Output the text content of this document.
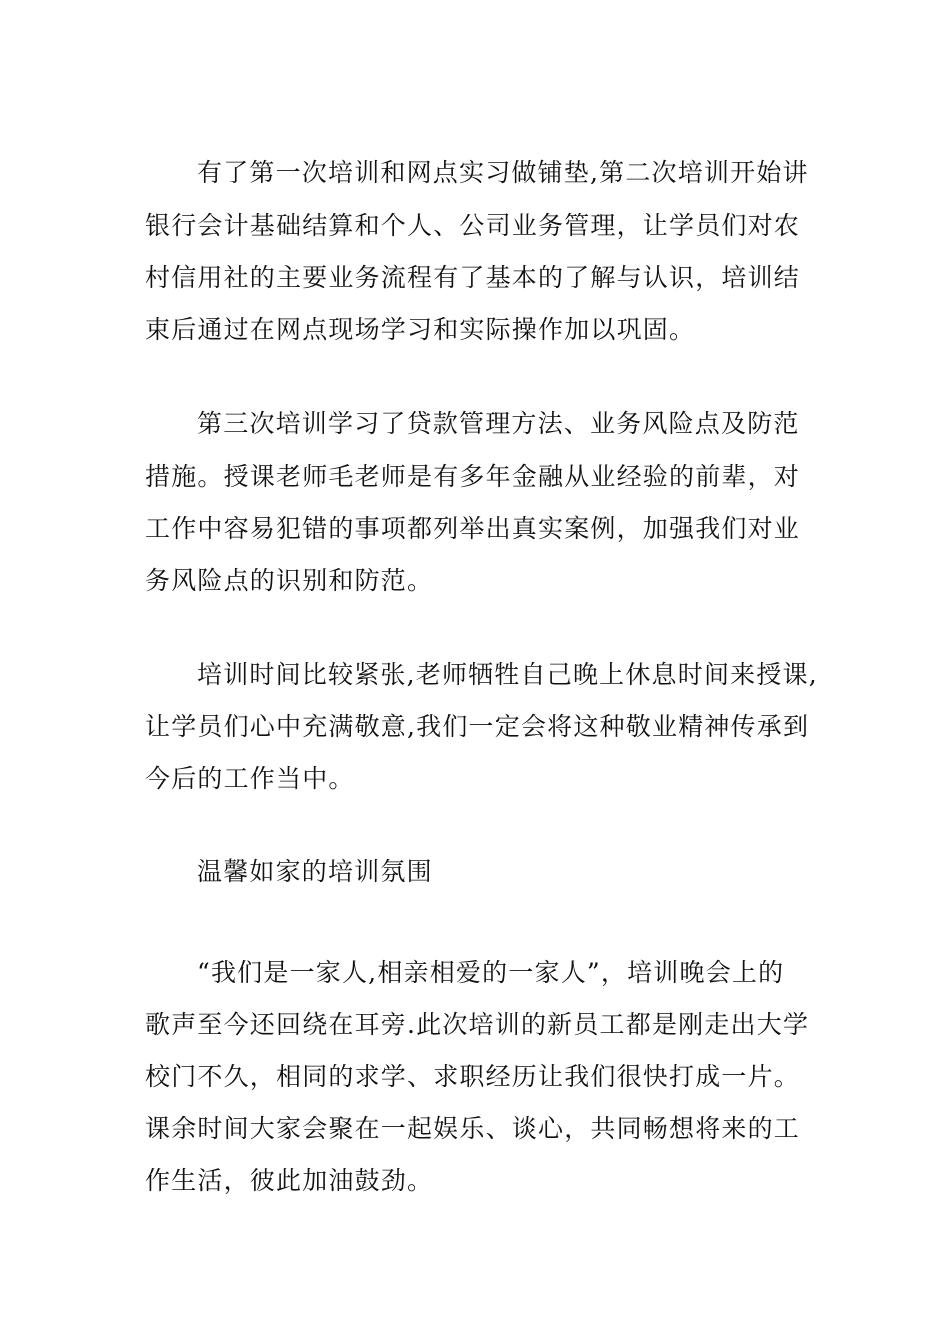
有了第一次培训和网点实习做铺垫,第二次培训开始讲
银行会计基础结算和个人、公司业务管理，让学员们对农
村信用社的主要业务流程有了基本的了解与认识，培训结
束后通过在网点现场学习和实际操作加以巩固。
第三次培训学习了贷款管理方法、业务风险点及防范
措施。授课老师毛老师是有多年金融从业经验的前辈，对
工作中容易犯错的事项都列举出真实案例，加强我们对业
务风险点的识别和防范。
培训时间比较紧张,老师牺牲自己晚上休息时间来授课,
让学员们心中充满敬意,我们一定会将这种敬业精神传承到
今后的工作当中。
温馨如家的培训氛围
“我们是一家人,相亲相爱的一家人”，培训晚会上的
歌声至今还回绕在耳旁.此次培训的新员工都是刚走出大学
校门不久，相同的求学、求职经历让我们很快打成一片。
课余时间大家会聚在一起娱乐、谈心，共同畅想将来的工
作生活，彼此加油鼓劲。
